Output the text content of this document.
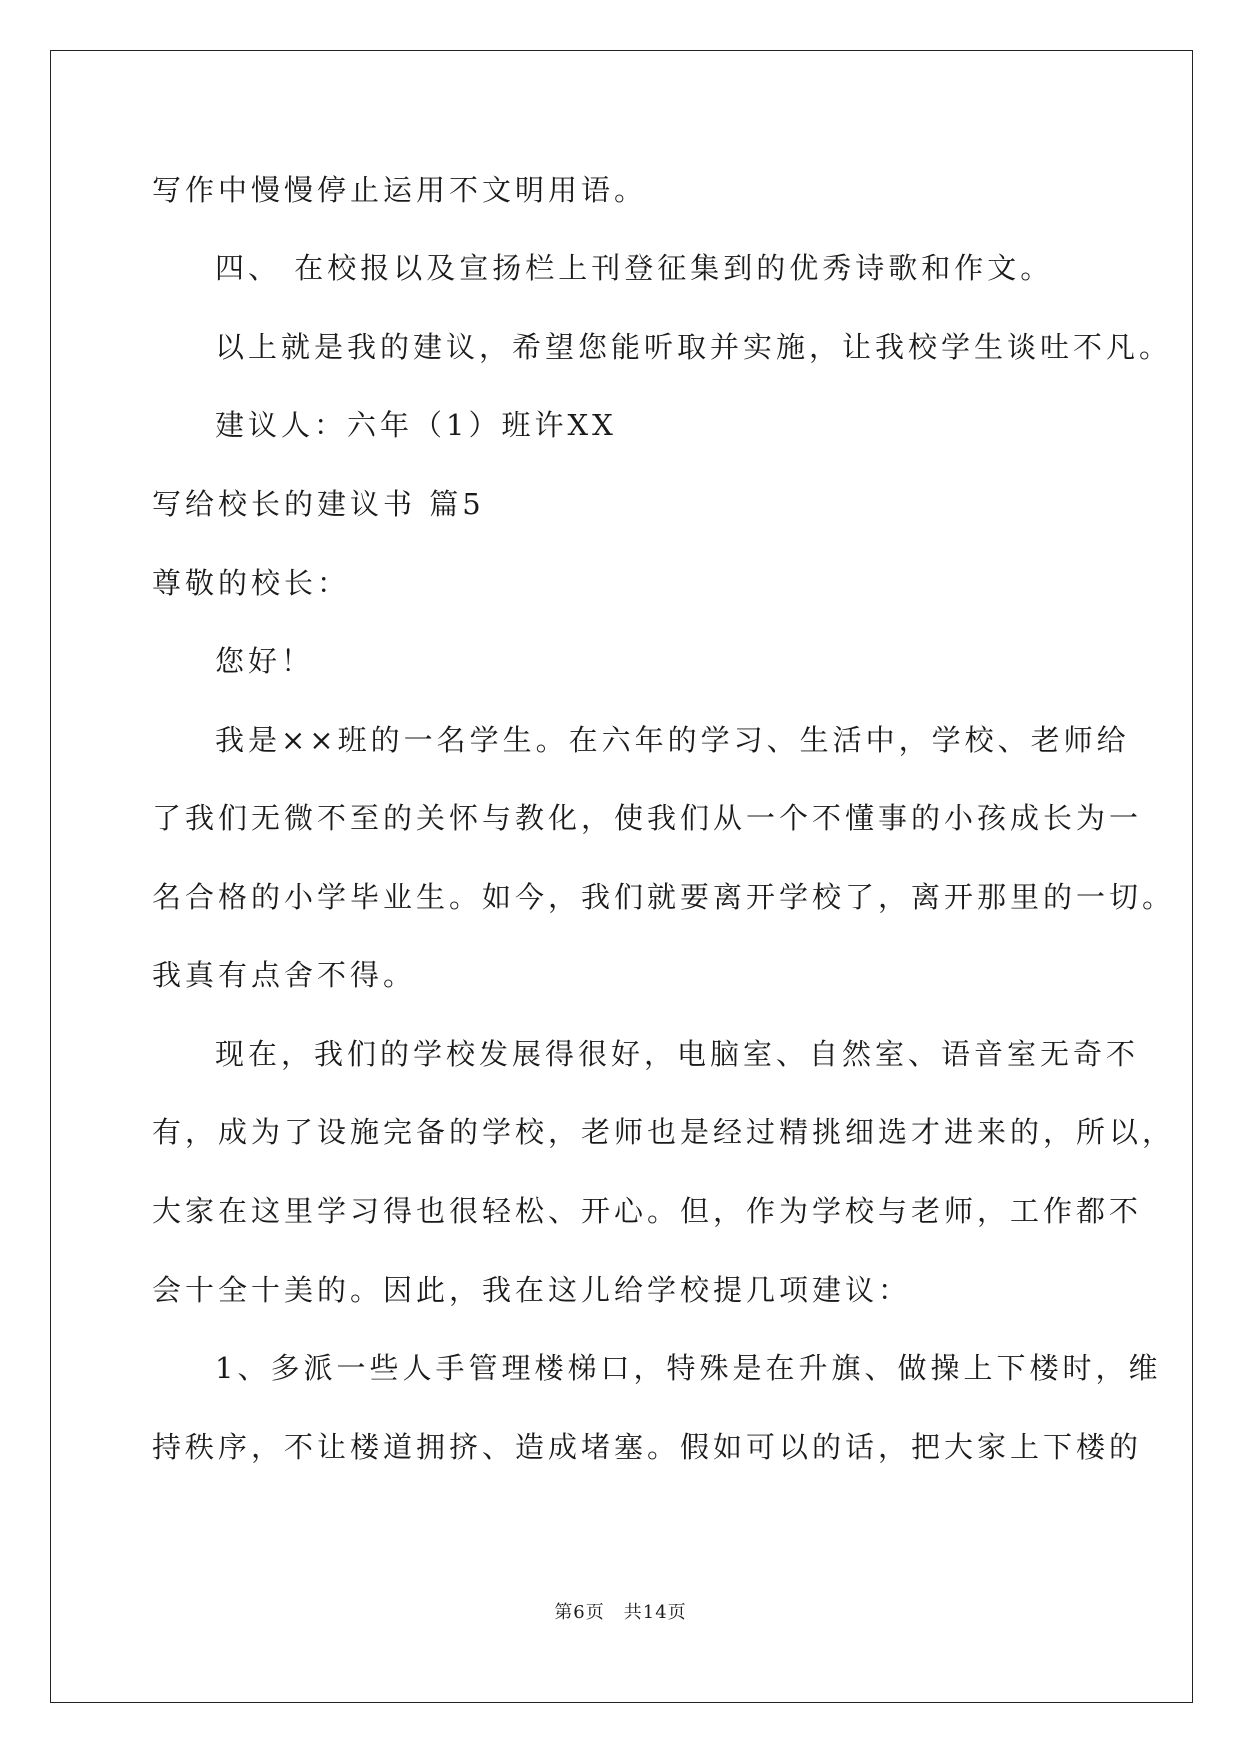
写作中慢慢停止运用不文明用语。
四、 在校报以及宣扬栏上刊登征集到的优秀诗歌和作文。
以上就是我的建议，希望您能听取并实施，让我校学生谈吐不凡。
建议人：六年（1）班许XX
写给校长的建议书 篇5
尊敬的校长：
您好！
我是××班的一名学生。在六年的学习、生活中，学校、老师给
了我们无微不至的关怀与教化，使我们从一个不懂事的小孩成长为一
名合格的小学毕业生。如今，我们就要离开学校了，离开那里的一切。
我真有点舍不得。
现在，我们的学校发展得很好，电脑室、自然室、语音室无奇不
有，成为了设施完备的学校，老师也是经过精挑细选才进来的，所以，
大家在这里学习得也很轻松、开心。但，作为学校与老师，工作都不
会十全十美的。因此，我在这儿给学校提几项建议：
1、多派一些人手管理楼梯口，特殊是在升旗、做操上下楼时，维
持秩序，不让楼道拥挤、造成堵塞。假如可以的话，把大家上下楼的
第6页　共14页
